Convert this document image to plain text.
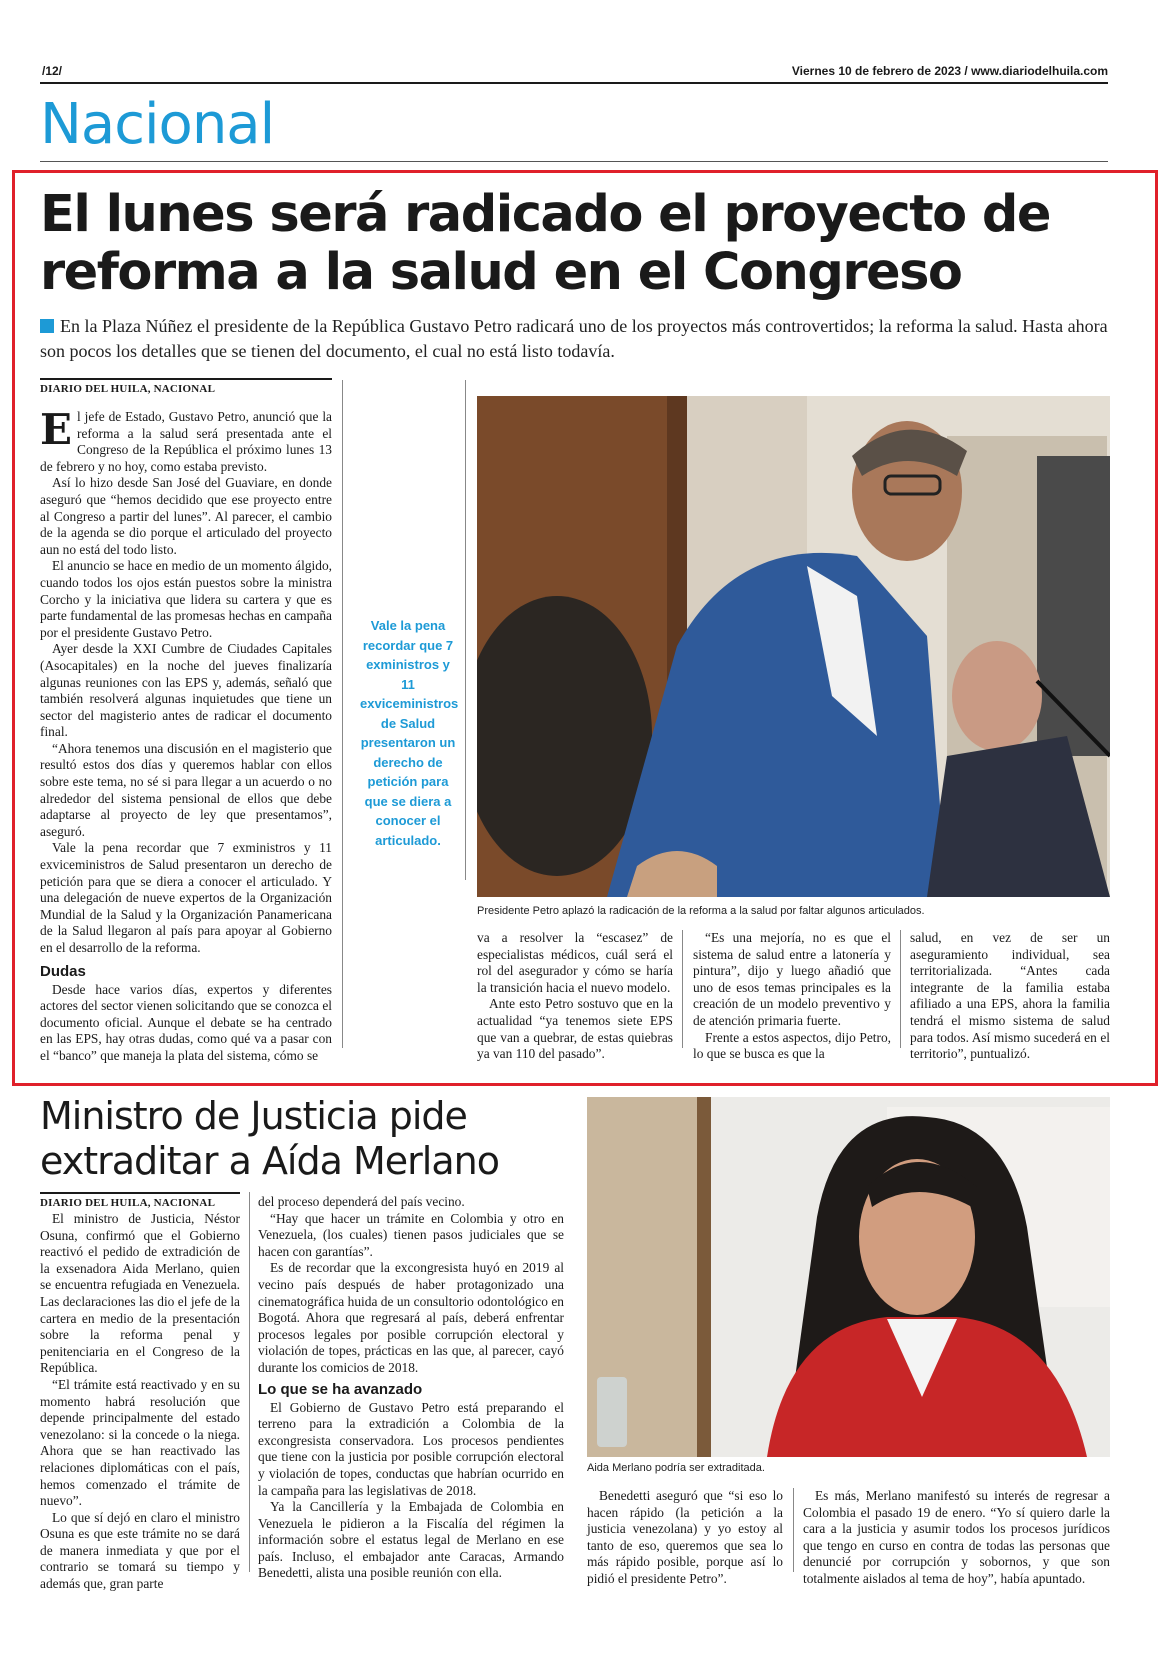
/12/	Viernes 10 de febrero de 2023 / www.diariodelhuila.com
Nacional
El lunes será radicado el proyecto de reforma a la salud en el Congreso
En la Plaza Núñez el presidente de la República Gustavo Petro radicará uno de los proyectos más controvertidos; la reforma la salud. Hasta ahora son pocos los detalles que se tienen del documento, el cual no está listo todavía.
DIARIO DEL HUILA, NACIONAL

El jefe de Estado, Gustavo Petro, anunció que la reforma a la salud será presentada ante el Congreso de la República el próximo lunes 13 de febrero y no hoy, como estaba previsto.

Así lo hizo desde San José del Guaviare, en donde aseguró que “hemos decidido que ese proyecto entre al Congreso a partir del lunes”. Al parecer, el cambio de la agenda se dio porque el articulado del proyecto aun no está del todo listo.

El anuncio se hace en medio de un momento álgido, cuando todos los ojos están puestos sobre la ministra Corcho y la iniciativa que lidera su cartera y que es parte fundamental de las promesas hechas en campaña por el presidente Gustavo Petro.

Ayer desde la XXI Cumbre de Ciudades Capitales (Asocapitales) en la noche del jueves finalizaría algunas reuniones con las EPS y, además, señaló que también resolverá algunas inquietudes que tiene un sector del magisterio antes de radicar el documento final.

“Ahora tenemos una discusión en el magisterio que resultó estos dos días y queremos hablar con ellos sobre este tema, no sé si para llegar a un acuerdo o no alrededor del sistema pensional de ellos que debe adaptarse al proyecto de ley que presentamos”, aseguró.

Vale la pena recordar que 7 exministros y 11 exviceministros de Salud presentaron un derecho de petición para que se diera a conocer el articulado. Y una delegación de nueve expertos de la Organización Mundial de la Salud y la Organización Panamericana de la Salud llegaron al país para apoyar al Gobierno en el desarrollo de la reforma.

Dudas

Desde hace varios días, expertos y diferentes actores del sector vienen solicitando que se conozca el documento oficial. Aunque el debate se ha centrado en las EPS, hay otras dudas, como qué va a pasar con el “banco” que maneja la plata del sistema, cómo se

Vale la pena recordar que 7 exministros y 11 exviceministros de Salud presentaron un derecho de petición para que se diera a conocer el articulado.
Presidente Petro aplazó la radicación de la reforma a la salud por faltar algunos articulados.

va a resolver la “escasez” de especialistas médicos, cuál será el rol del asegurador y cómo se haría la transición hacia el nuevo modelo.

Ante esto Petro sostuvo que en la actualidad “ya tenemos siete EPS que van a quebrar, de estas quiebras ya van 110 del pasado”.

“Es una mejoría, no es que el sistema de salud entre a latonería y pintura”, dijo y luego añadió que uno de esos temas principales es la creación de un modelo preventivo y de atención primaria fuerte.

Frente a estos aspectos, dijo Petro, lo que se busca es que la

salud, en vez de ser un aseguramiento individual, sea territorializada. “Antes cada integrante de la familia estaba afiliado a una EPS, ahora la familia tendrá el mismo sistema de salud para todos. Así mismo sucederá en el territorio”, puntualizó.

Ministro de Justicia pide extraditar a Aída Merlano
DIARIO DEL HUILA, NACIONAL

El ministro de Justicia, Néstor Osuna, confirmó que el Gobierno reactivó el pedido de extradición de la exsenadora Aida Merlano, quien se encuentra refugiada en Venezuela. Las declaraciones las dio el jefe de la cartera en medio de la presentación sobre la reforma penal y penitenciaria en el Congreso de la República.

“El trámite está reactivado y en su momento habrá resolución que depende principalmente del estado venezolano: si la concede o la niega. Ahora que se han reactivado las relaciones diplomáticas con el país, hemos comenzado el trámite de nuevo”.

Lo que sí dejó en claro el ministro Osuna es que este trámite no se dará de manera inmediata y que por el contrario se tomará su tiempo y además que, gran parte

del proceso dependerá del país vecino.

“Hay que hacer un trámite en Colombia y otro en Venezuela, (los cuales) tienen pasos judiciales que se hacen con garantías”.

Es de recordar que la excongresista huyó en 2019 al vecino país después de haber protagonizado una cinematográfica huida de un consultorio odontológico en Bogotá. Ahora que regresará al país, deberá enfrentar procesos legales por posible corrupción electoral y violación de topes, prácticas en las que, al parecer, cayó durante los comicios de 2018.

Lo que se ha avanzado

El Gobierno de Gustavo Petro está preparando el terreno para la extradición a Colombia de la excongresista conservadora. Los procesos pendientes que tiene con la justicia por posible corrupción electoral y violación de topes, conductas que habrían ocurrido en la campaña para las legislativas de 2018.

Ya la Cancillería y la Embajada de Colombia en Venezuela le pidieron a la Fiscalía del régimen la información sobre el estatus legal de Merlano en ese país. Incluso, el embajador ante Caracas, Armando Benedetti, alista una posible reunión con ella.

Aida Merlano podría ser extraditada.

Benedetti aseguró que “si eso lo hacen rápido (la petición a la justicia venezolana) y yo estoy al tanto de eso, queremos que sea lo más rápido posible, porque así lo pidió el presidente Petro”.

Es más, Merlano manifestó su interés de regresar a Colombia el pasado 19 de enero. “Yo sí quiero darle la cara a la justicia y asumir todos los procesos jurídicos que tengo en curso en contra de todas las personas que denuncié por corrupción y sobornos, y que son totalmente aislados al tema de hoy”, había apuntado.
